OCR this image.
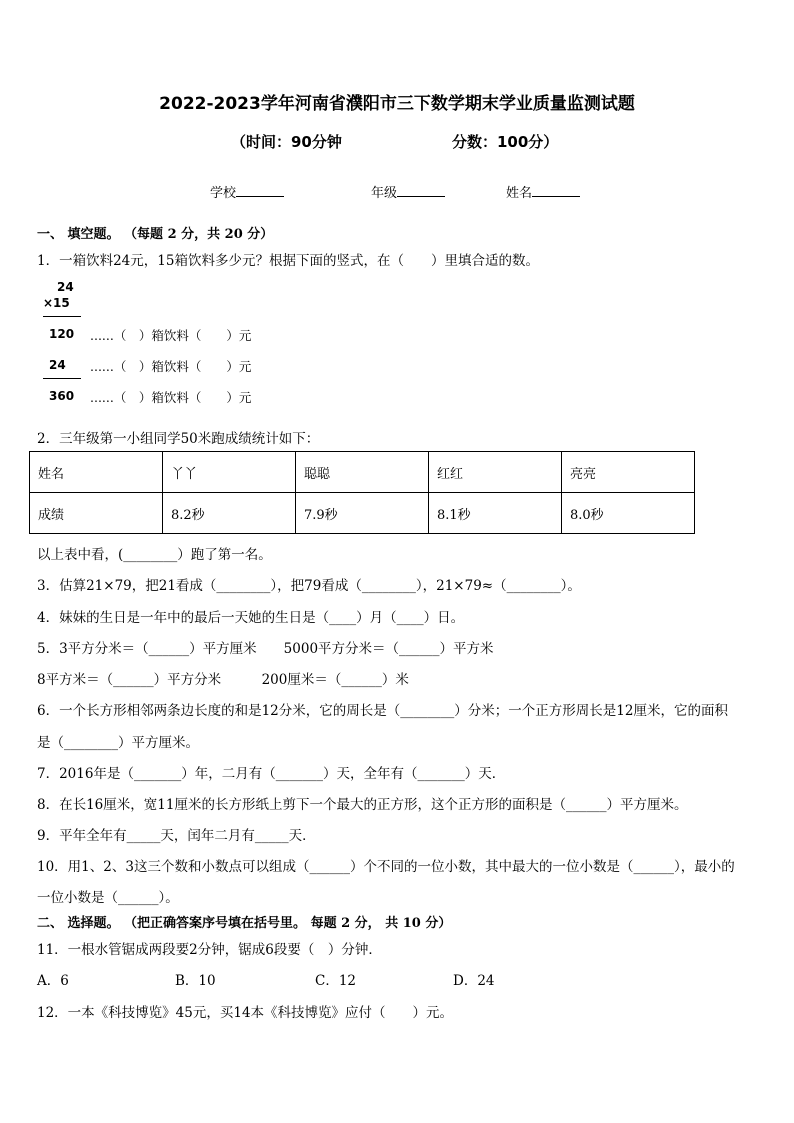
2022-2023学年河南省濮阳市三下数学期末学业质量监测试题
（时间：90分钟	分数：100分）
学校	年级	姓名
一、 填空题。 （每题 2 分，共 20 分）
1．一箱饮料24元，15箱饮料多少元？根据下面的竖式，在（　　）里填合适的数。
24
×15
120 ......（　）箱饮料（　　）元
24 ......（　）箱饮料（　　）元
360 ......（　）箱饮料（　　）元
2．三年级第一小组同学50米跑成绩统计如下：
姓名	丫丫	聪聪	红红	亮亮
成绩	8.2秒	7.9秒	8.1秒	8.0秒
以上表中看，(________）跑了第一名。
3．估算21×79，把21看成（________），把79看成（________），21×79≈（________）。
4．妹妹的生日是一年中的最后一天她的生日是（____）月（____）日。
5．3平方分米＝（______）平方厘米　　5000平方分米＝（______）平方米
8平方米＝（______）平方分米　　　200厘米＝（______）米
6．一个长方形相邻两条边长度的和是12分米，它的周长是（________）分米；一个正方形周长是12厘米，它的面积
是（________）平方厘米。
7．2016年是（_______）年，二月有（_______）天，全年有（_______）天．
8．在长16厘米，宽11厘米的长方形纸上剪下一个最大的正方形，这个正方形的面积是（______）平方厘米。
9．平年全年有_____天，闰年二月有_____天．
10．用1、2、3这三个数和小数点可以组成（______）个不同的一位小数，其中最大的一位小数是（______），最小的
一位小数是（______）。
二、 选择题。 （把正确答案序号填在括号里。 每题 2 分， 共 10 分）
11．一根水管锯成两段要2分钟，锯成6段要（　）分钟．
A．6	B．10	C．12	D．24
12．一本《科技博览》45元，买14本《科技博览》应付（　　）元。
